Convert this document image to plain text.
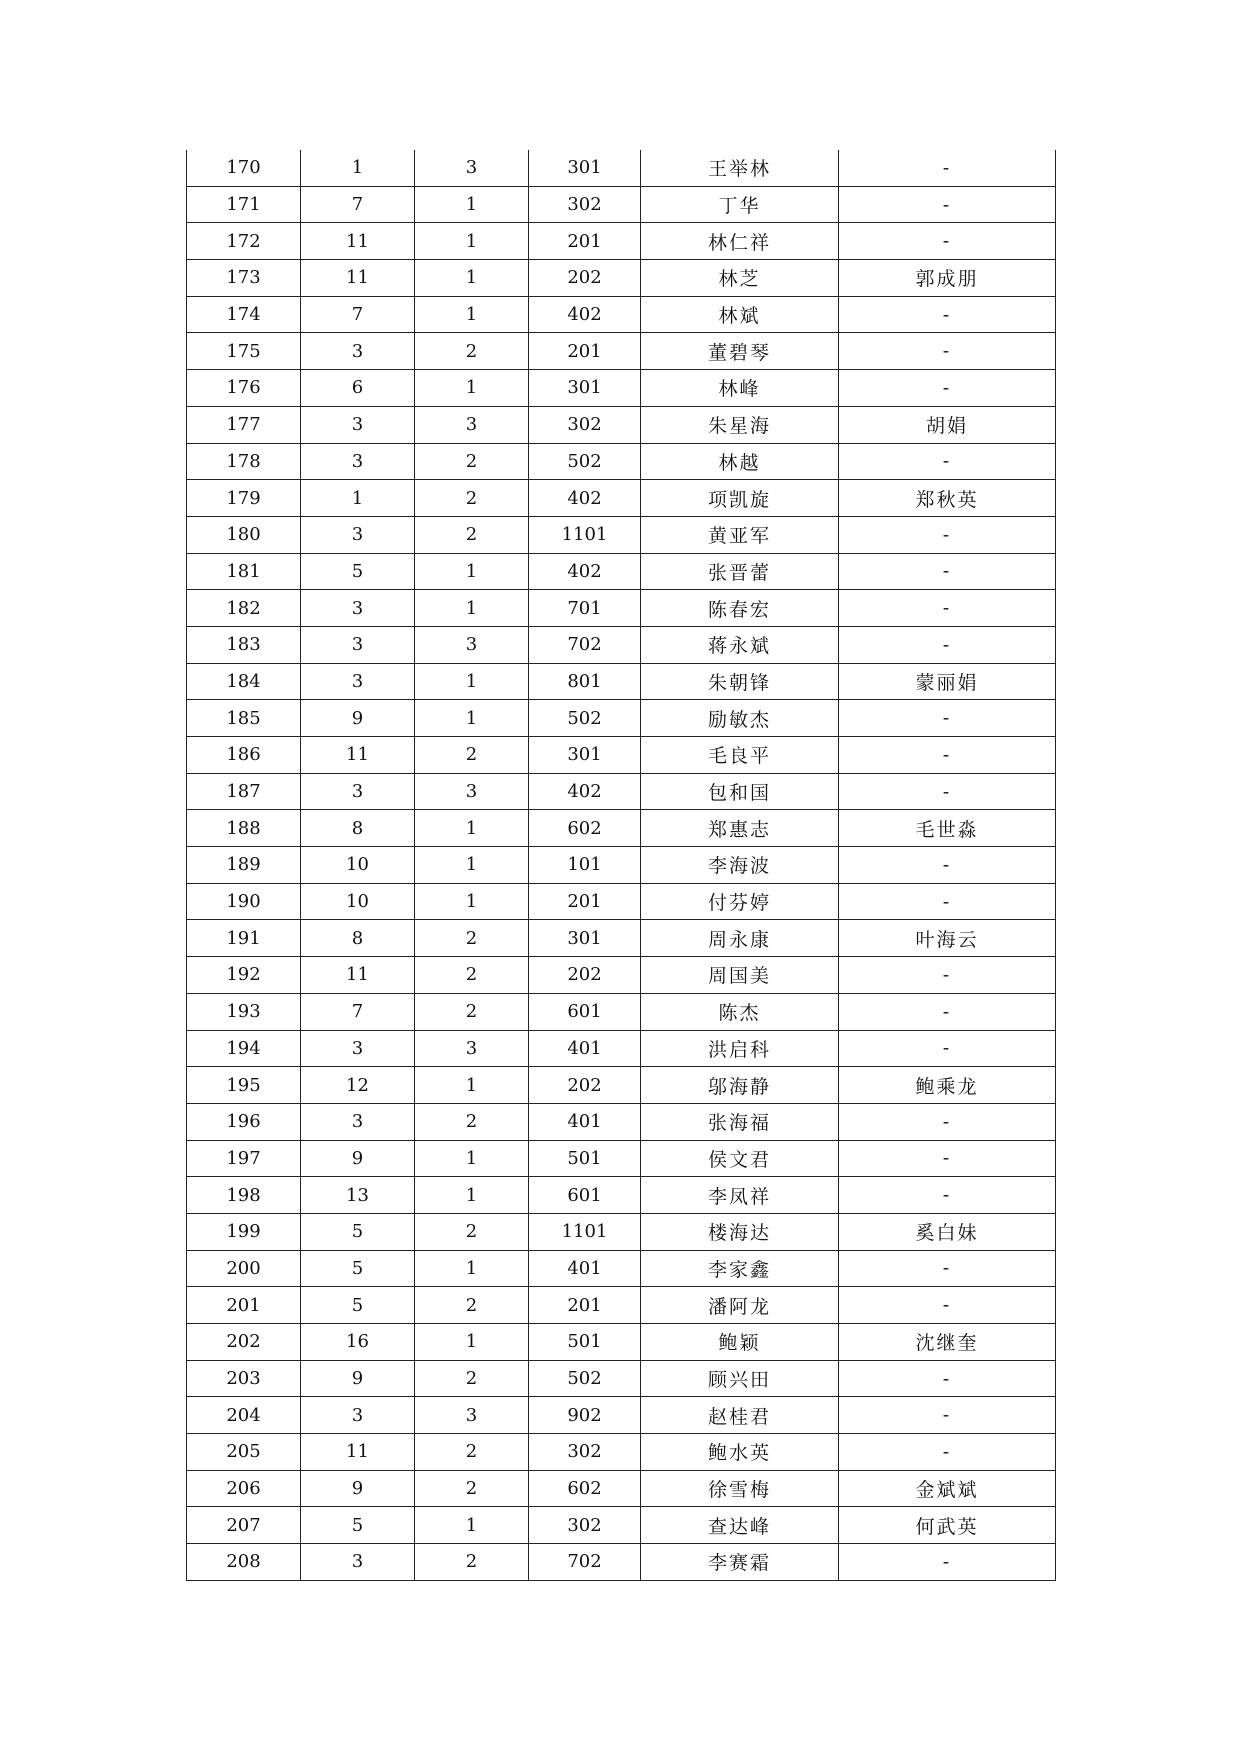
170	1	3	301	王举林	-
171	7	1	302	丁华	-
172	11	1	201	林仁祥	-
173	11	1	202	林芝	郭成朋
174	7	1	402	林斌	-
175	3	2	201	董碧琴	-
176	6	1	301	林峰	-
177	3	3	302	朱星海	胡娟
178	3	2	502	林越	-
179	1	2	402	项凯旋	郑秋英
180	3	2	1101	黄亚军	-
181	5	1	402	张晋蕾	-
182	3	1	701	陈春宏	-
183	3	3	702	蒋永斌	-
184	3	1	801	朱朝锋	蒙丽娟
185	9	1	502	励敏杰	-
186	11	2	301	毛良平	-
187	3	3	402	包和国	-
188	8	1	602	郑惠志	毛世淼
189	10	1	101	李海波	-
190	10	1	201	付芬婷	-
191	8	2	301	周永康	叶海云
192	11	2	202	周国美	-
193	7	2	601	陈杰	-
194	3	3	401	洪启科	-
195	12	1	202	邬海静	鲍乘龙
196	3	2	401	张海福	-
197	9	1	501	侯文君	-
198	13	1	601	李凤祥	-
199	5	2	1101	楼海达	奚白妹
200	5	1	401	李家鑫	-
201	5	2	201	潘阿龙	-
202	16	1	501	鲍颖	沈继奎
203	9	2	502	顾兴田	-
204	3	3	902	赵桂君	-
205	11	2	302	鲍水英	-
206	9	2	602	徐雪梅	金斌斌
207	5	1	302	查达峰	何武英
208	3	2	702	李赛霜	-
